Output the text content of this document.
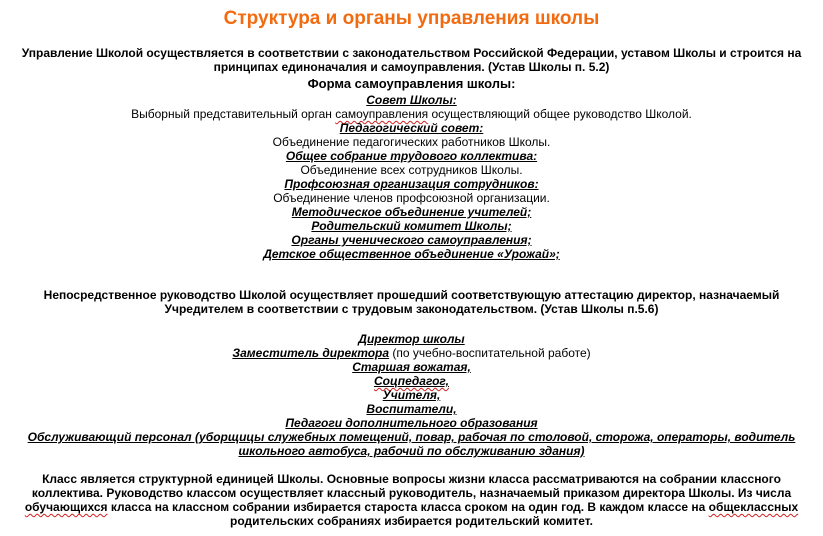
Структура и органы управления школы
Управление Школой осуществляется в соответствии с законодательством Российской Федерации, уставом Школы и строится на
принципах единоначалия и самоуправления. (Устав Школы п. 5.2)
Форма самоуправления школы:
Совет Школы:
Выборный представительный орган самоуправления осуществляющий общее руководство Школой.
Педагогический совет:
Объединение педагогических работников Школы.
Общее собрание трудового коллектива:
Объединение всех сотрудников Школы.
Профсоюзная организация сотрудников:
Объединение членов профсоюзной организации.
Методическое объединение учителей;
Родительский комитет Школы;
Органы ученического самоуправления;
Детское общественное объединение «Урожай»;
Непосредственное руководство Школой осуществляет прошедший соответствующую аттестацию директор, назначаемый
Учредителем в соответствии с трудовым законодательством. (Устав Школы п.5.6)
Директор школы
Заместитель директора (по учебно-воспитательной работе)
Старшая вожатая,
Соцпедагог,
Учителя,
Воспитатели,
Педагоги дополнительного образования
Обслуживающий персонал (уборщицы служебных помещений, повар, рабочая по столовой, сторожа, операторы, водитель
школьного автобуса, рабочий по обслуживанию здания)
Класс является структурной единицей Школы. Основные вопросы жизни класса рассматриваются на собрании классного
коллектива. Руководство классом осуществляет классный руководитель, назначаемый приказом директора Школы. Из числа
обучающихся класса на классном собрании избирается староста класса сроком на один год. В каждом классе на общеклассных
родительских собраниях избирается родительский комитет.
